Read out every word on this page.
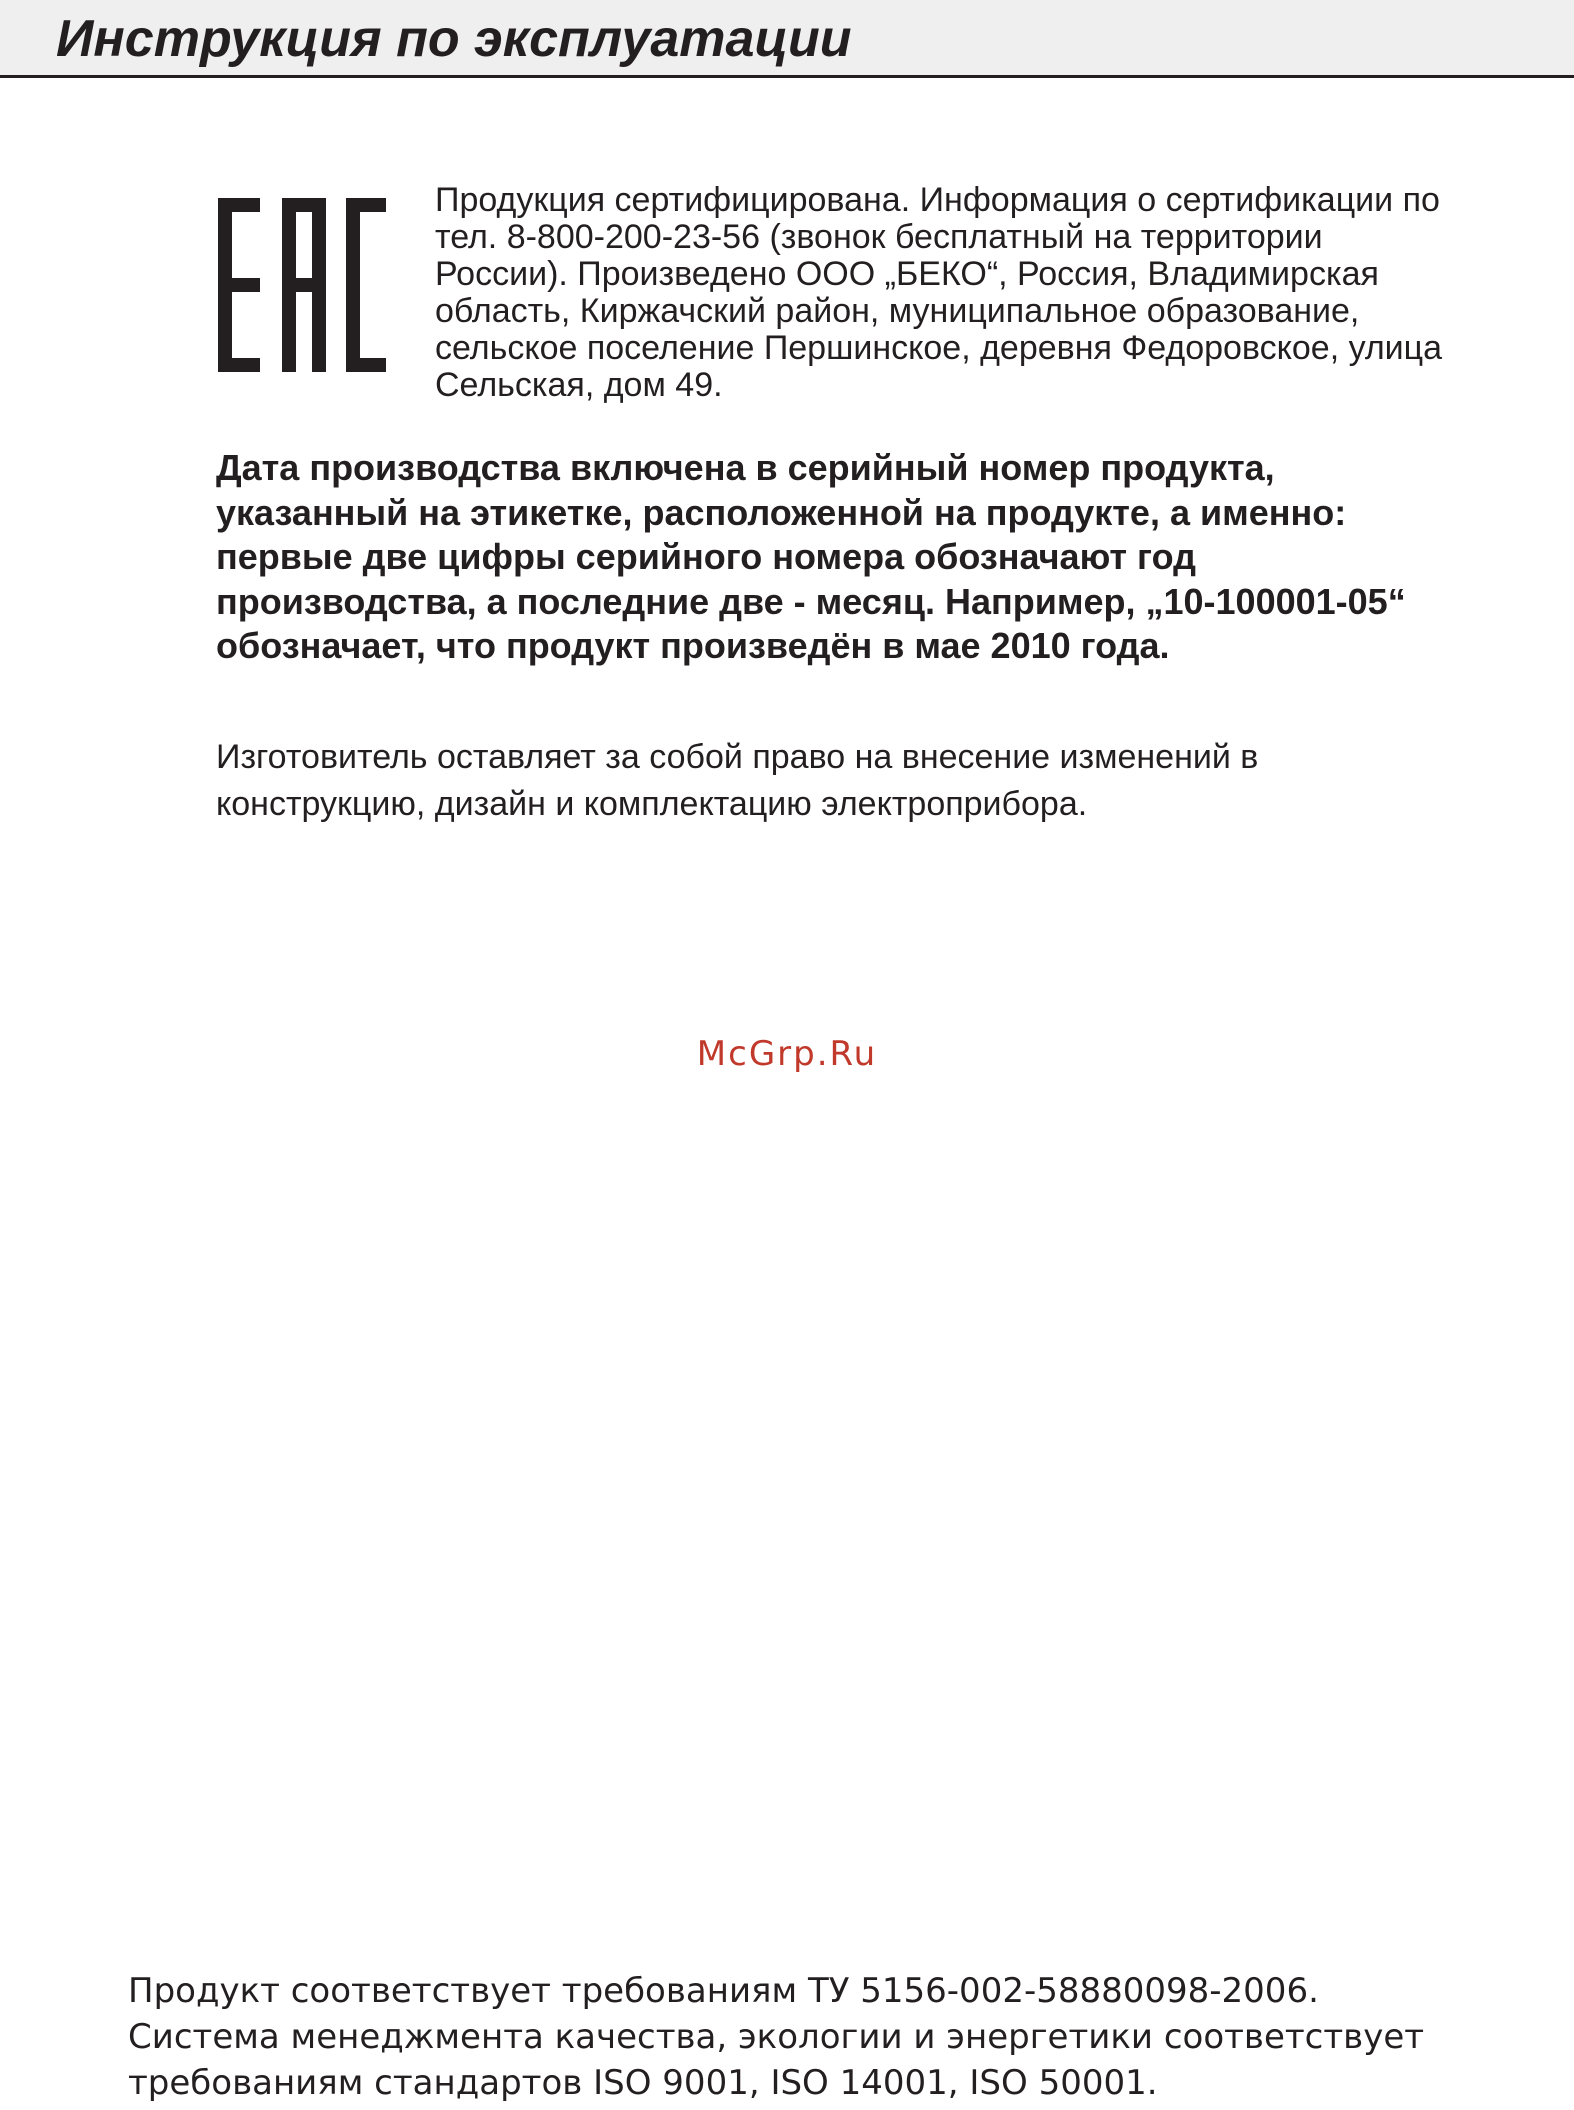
Инструкция по эксплуатации

Продукция сертифицирована. Информация о сертификации по тел. 8-800-200-23-56 (звонок бесплатный на территории России). Произведено ООО „БЕКО“, Россия, Владимирская область, Киржачский район, муниципальное образование, сельское поселение Першинское, деревня Федоровское, улица Сельская, дом 49.

Дата производства включена в серийный номер продукта, указанный на этикетке, расположенной на продукте, а именно: первые две цифры серийного номера обозначают год производства, а последние две - месяц. Например, „10-100001-05“ обозначает, что продукт произведён в мае 2010 года.

Изготовитель оставляет за собой право на внесение изменений в конструкцию, дизайн и комплектацию электроприбора.

McGrp.Ru

Продукт соответствует требованиям ТУ 5156-002-58880098-2006.
Система менеджмента качества, экологии и энергетики соответствует
требованиям стандартов ISO 9001, ISO 14001, ISO 50001.
